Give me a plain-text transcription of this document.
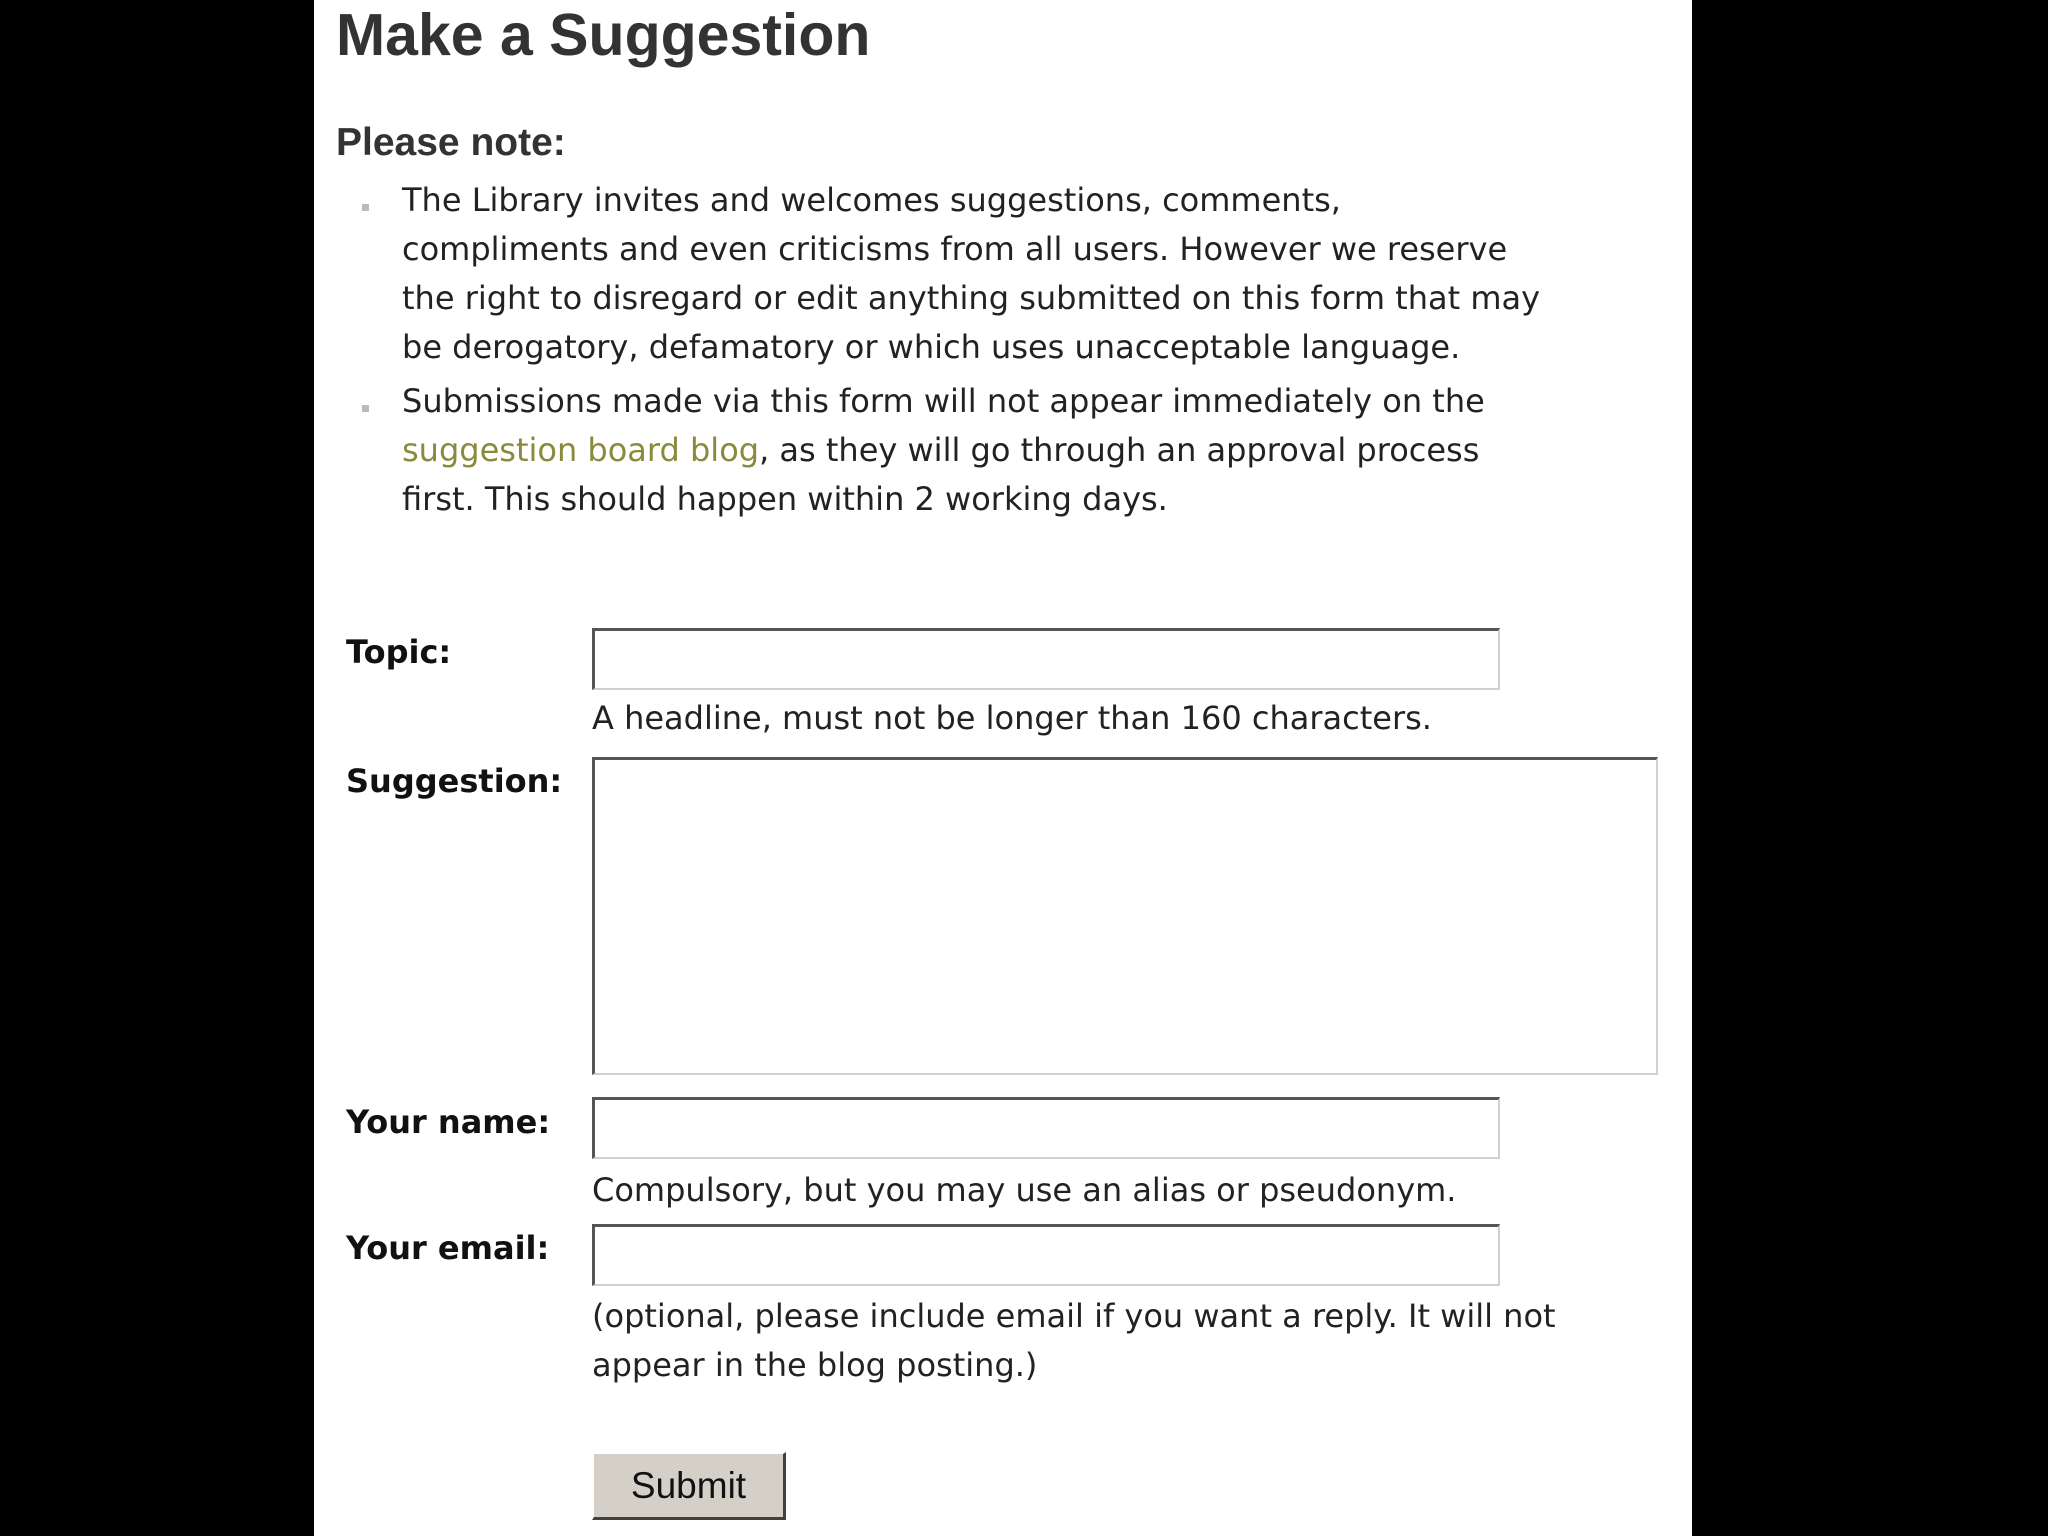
Make a Suggestion
Please note:
The Library invites and welcomes suggestions, comments, compliments and even criticisms from all users. However we reserve the right to disregard or edit anything submitted on this form that may be derogatory, defamatory or which uses unacceptable language.
Submissions made via this form will not appear immediately on the suggestion board blog, as they will go through an approval process first. This should happen within 2 working days.
Topic:
A headline, must not be longer than 160 characters.
Suggestion:
Your name:
Compulsory, but you may use an alias or pseudonym.
Your email:
(optional, please include email if you want a reply. It will not appear in the blog posting.)
Submit
